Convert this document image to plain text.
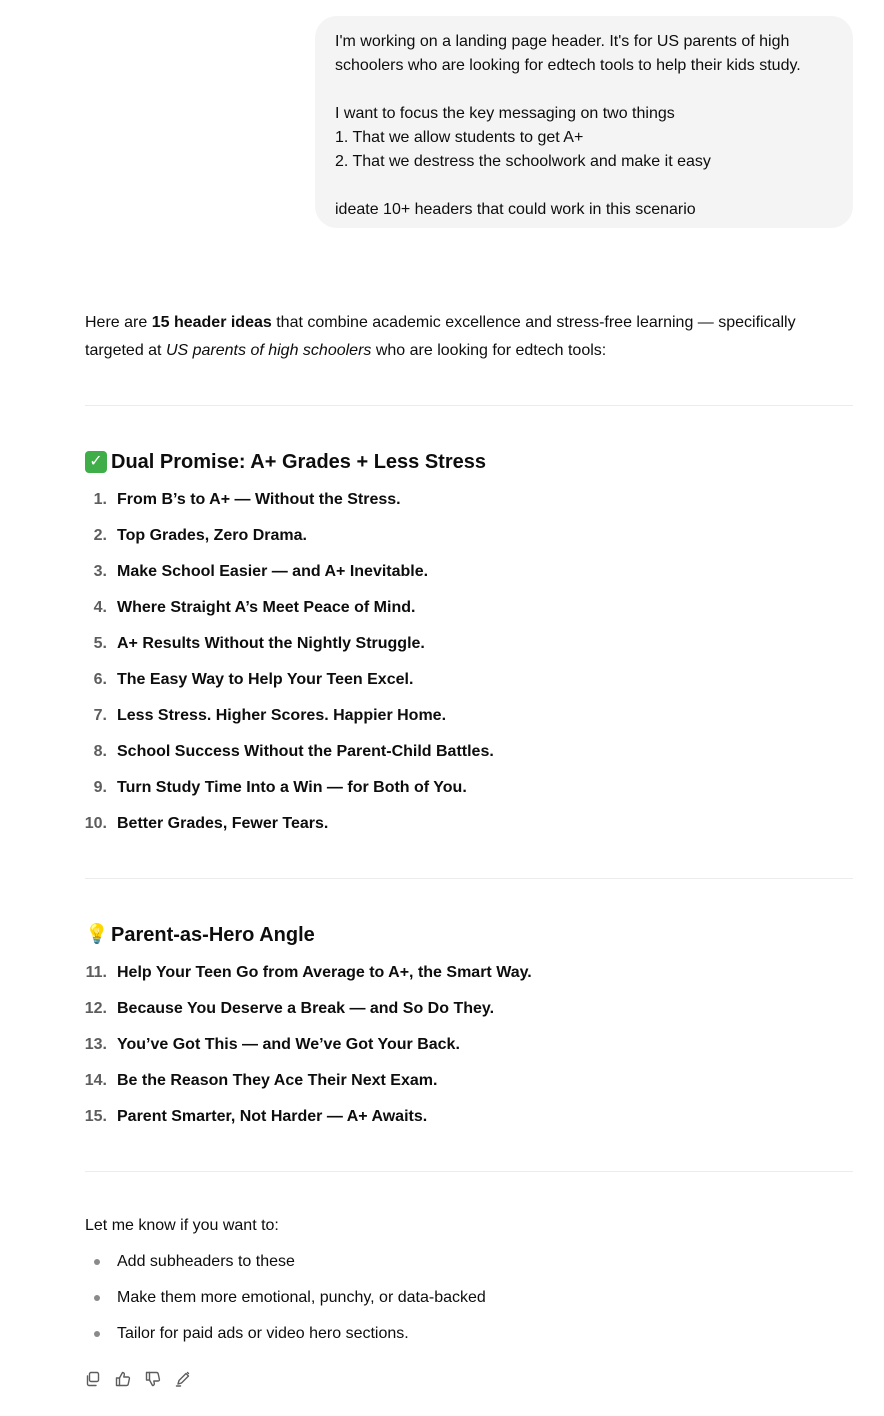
I'm working on a landing page header. It's for US parents of high
schoolers who are looking for edtech tools to help their kids study.
I want to focus the key messaging on two things
1. That we allow students to get A+
2. That we destress the schoolwork and make it easy
ideate 10+ headers that could work in this scenario
Here are 15 header ideas that combine academic excellence and stress-free learning — specifically targeted at US parents of high schoolers who are looking for edtech tools:
✓ Dual Promise: A+ Grades + Less Stress
1. From B’s to A+ — Without the Stress.
2. Top Grades, Zero Drama.
3. Make School Easier — and A+ Inevitable.
4. Where Straight A’s Meet Peace of Mind.
5. A+ Results Without the Nightly Struggle.
6. The Easy Way to Help Your Teen Excel.
7. Less Stress. Higher Scores. Happier Home.
8. School Success Without the Parent-Child Battles.
9. Turn Study Time Into a Win — for Both of You.
10. Better Grades, Fewer Tears.
💡 Parent-as-Hero Angle
11. Help Your Teen Go from Average to A+, the Smart Way.
12. Because You Deserve a Break — and So Do They.
13. You’ve Got This — and We’ve Got Your Back.
14. Be the Reason They Ace Their Next Exam.
15. Parent Smarter, Not Harder — A+ Awaits.
Let me know if you want to:
Add subheaders to these
Make them more emotional, punchy, or data-backed
Tailor for paid ads or video hero sections.
